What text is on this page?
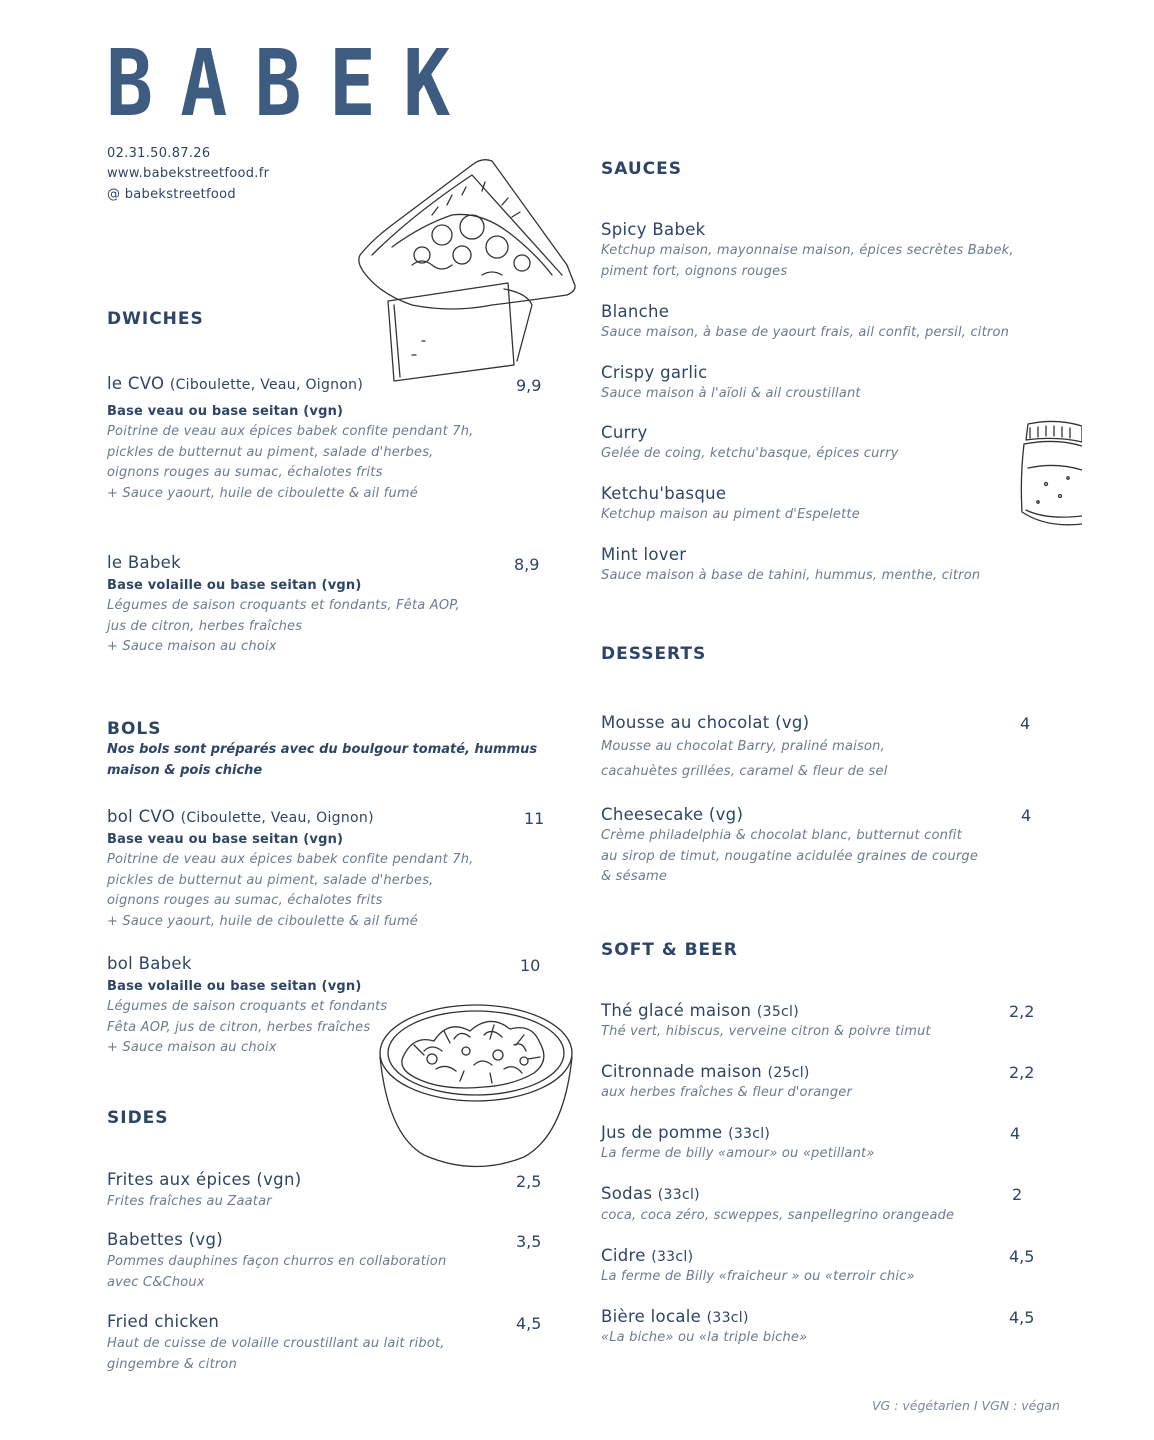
BABEK
02.31.50.87.26
www.babekstreetfood.fr
@ babekstreetfood
DWICHES
le CVO (Ciboulette, Veau, Oignon)	9,9
Base veau ou base seitan (vgn)
Poitrine de veau aux épices babek confite pendant 7h,
pickles de butternut au piment, salade d'herbes,
oignons rouges au sumac, échalotes frits
+ Sauce yaourt, huile de ciboulette & ail fumé
le Babek	8,9
Base volaille ou base seitan (vgn)
Légumes de saison croquants et fondants, Fêta AOP,
jus de citron, herbes fraîches
+ Sauce maison au choix
BOLS
Nos bols sont préparés avec du boulgour tomaté, hummus
maison & pois chiche
bol CVO (Ciboulette, Veau, Oignon)	11
Base veau ou base seitan (vgn)
Poitrine de veau aux épices babek confite pendant 7h,
pickles de butternut au piment, salade d'herbes,
oignons rouges au sumac, échalotes frits
+ Sauce yaourt, huile de ciboulette & ail fumé
bol Babek	10
Base volaille ou base seitan (vgn)
Légumes de saison croquants et fondants
Fêta AOP, jus de citron, herbes fraîches
+ Sauce maison au choix
SIDES
Frites aux épices (vgn)	2,5
Frites fraîches au Zaatar
Babettes (vg)	3,5
Pommes dauphines façon churros en collaboration
avec C&Choux
Fried chicken	4,5
Haut de cuisse de volaille croustillant au lait ribot,
gingembre & citron
SAUCES
Spicy Babek
Ketchup maison, mayonnaise maison, épices secrètes Babek,
piment fort, oignons rouges
Blanche
Sauce maison, à base de yaourt frais, ail confit, persil, citron
Crispy garlic
Sauce maison à l'aïoli & ail croustillant
Curry
Gelée de coing, ketchu'basque, épices curry
Ketchu'basque
Ketchup maison au piment d'Espelette
Mint lover
Sauce maison à base de tahini, hummus, menthe, citron
DESSERTS
Mousse au chocolat (vg)	4
Mousse au chocolat Barry, praliné maison,
cacahuètes grillées, caramel & fleur de sel
Cheesecake (vg)	4
Crème philadelphia & chocolat blanc, butternut confit
au sirop de timut, nougatine acidulée graines de courge
& sésame
SOFT & BEER
Thé glacé maison (35cl)	2,2
Thé vert, hibiscus, verveine citron & poivre timut
Citronnade maison (25cl)	2,2
aux herbes fraîches & fleur d'oranger
Jus de pomme (33cl)	4
La ferme de billy «amour» ou «petillant»
Sodas (33cl)	2
coca, coca zéro, scweppes, sanpellegrino orangeade
Cidre (33cl)	4,5
La ferme de Billy «fraicheur » ou «terroir chic»
Bière locale (33cl)	4,5
«La biche» ou «la triple biche»
VG : végétarien I VGN : végan
